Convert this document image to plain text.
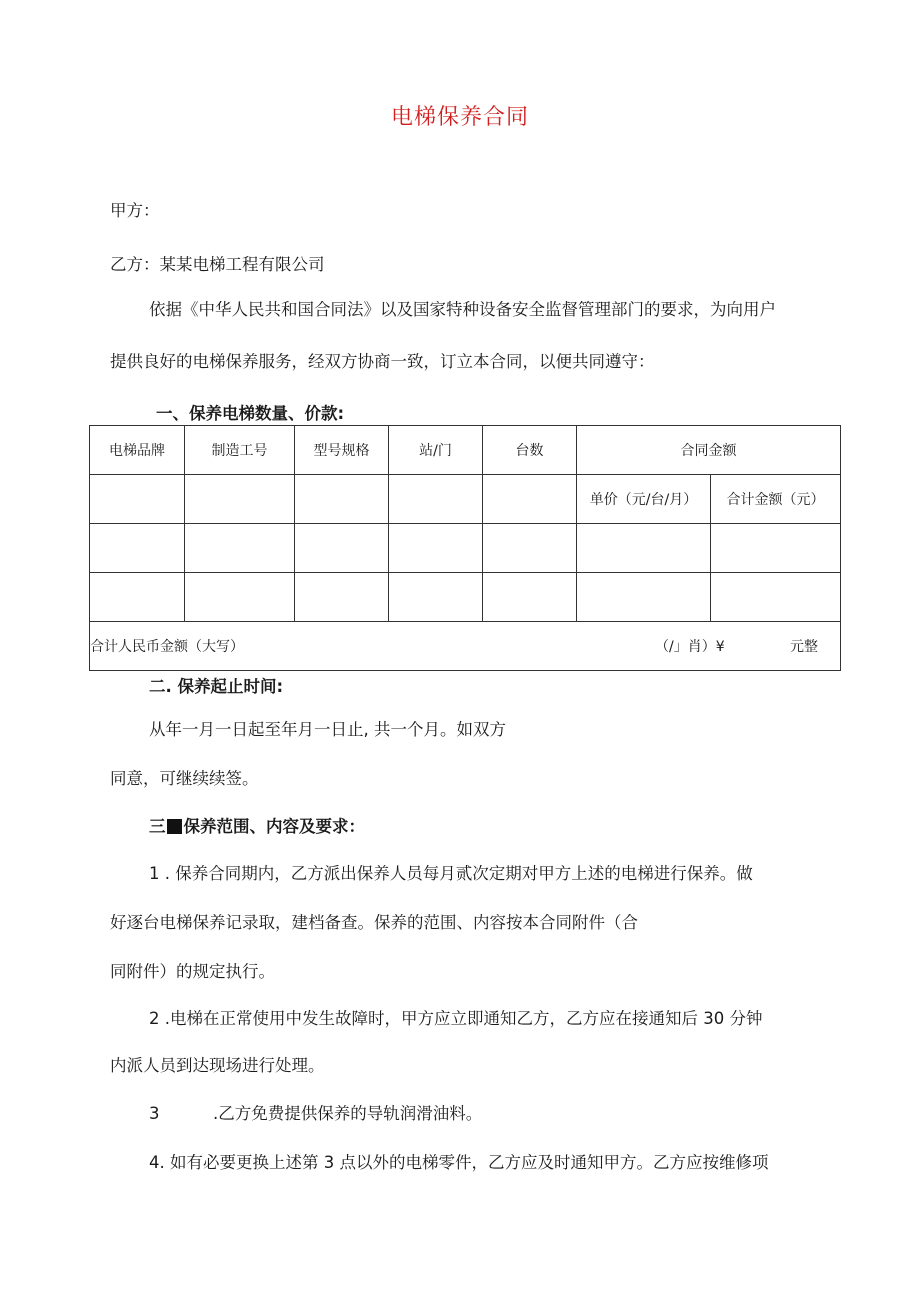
电梯保养合同
甲方：
乙方：某某电梯工程有限公司
依据《中华人民共和国合同法》以及国家特种设备安全监督管理部门的要求，为向用户
提供良好的电梯保养服务，经双方协商一致，订立本合同，以便共同遵守：
一、保养电梯数量、价款:
电梯品牌	制造工号	型号规格	站/门	台数	合同金额	
					单价（元/台/月）	合计金额（元）

合计人民币金额（大写） （/」肖）¥ 元整						
二. 保养起止时间:
从年一月一日起至年月一日止, 共一个月。如双方
同意，可继续续签。
三 保养范围、内容及要求：
1 . 保养合同期内，乙方派出保养人员每月贰次定期对甲方上述的电梯进行保养。做
好逐台电梯保养记录取，建档备查。保养的范围、内容按本合同附件（合
同附件）的规定执行。
2 .电梯在正常使用中发生故障时，甲方应立即通知乙方，乙方应在接通知后 30 分钟
内派人员到达现场进行处理。
3	.乙方免费提供保养的导轨润滑油料。
4. 如有必要更换上述第 3 点以外的电梯零件，乙方应及时通知甲方。乙方应按维修项
